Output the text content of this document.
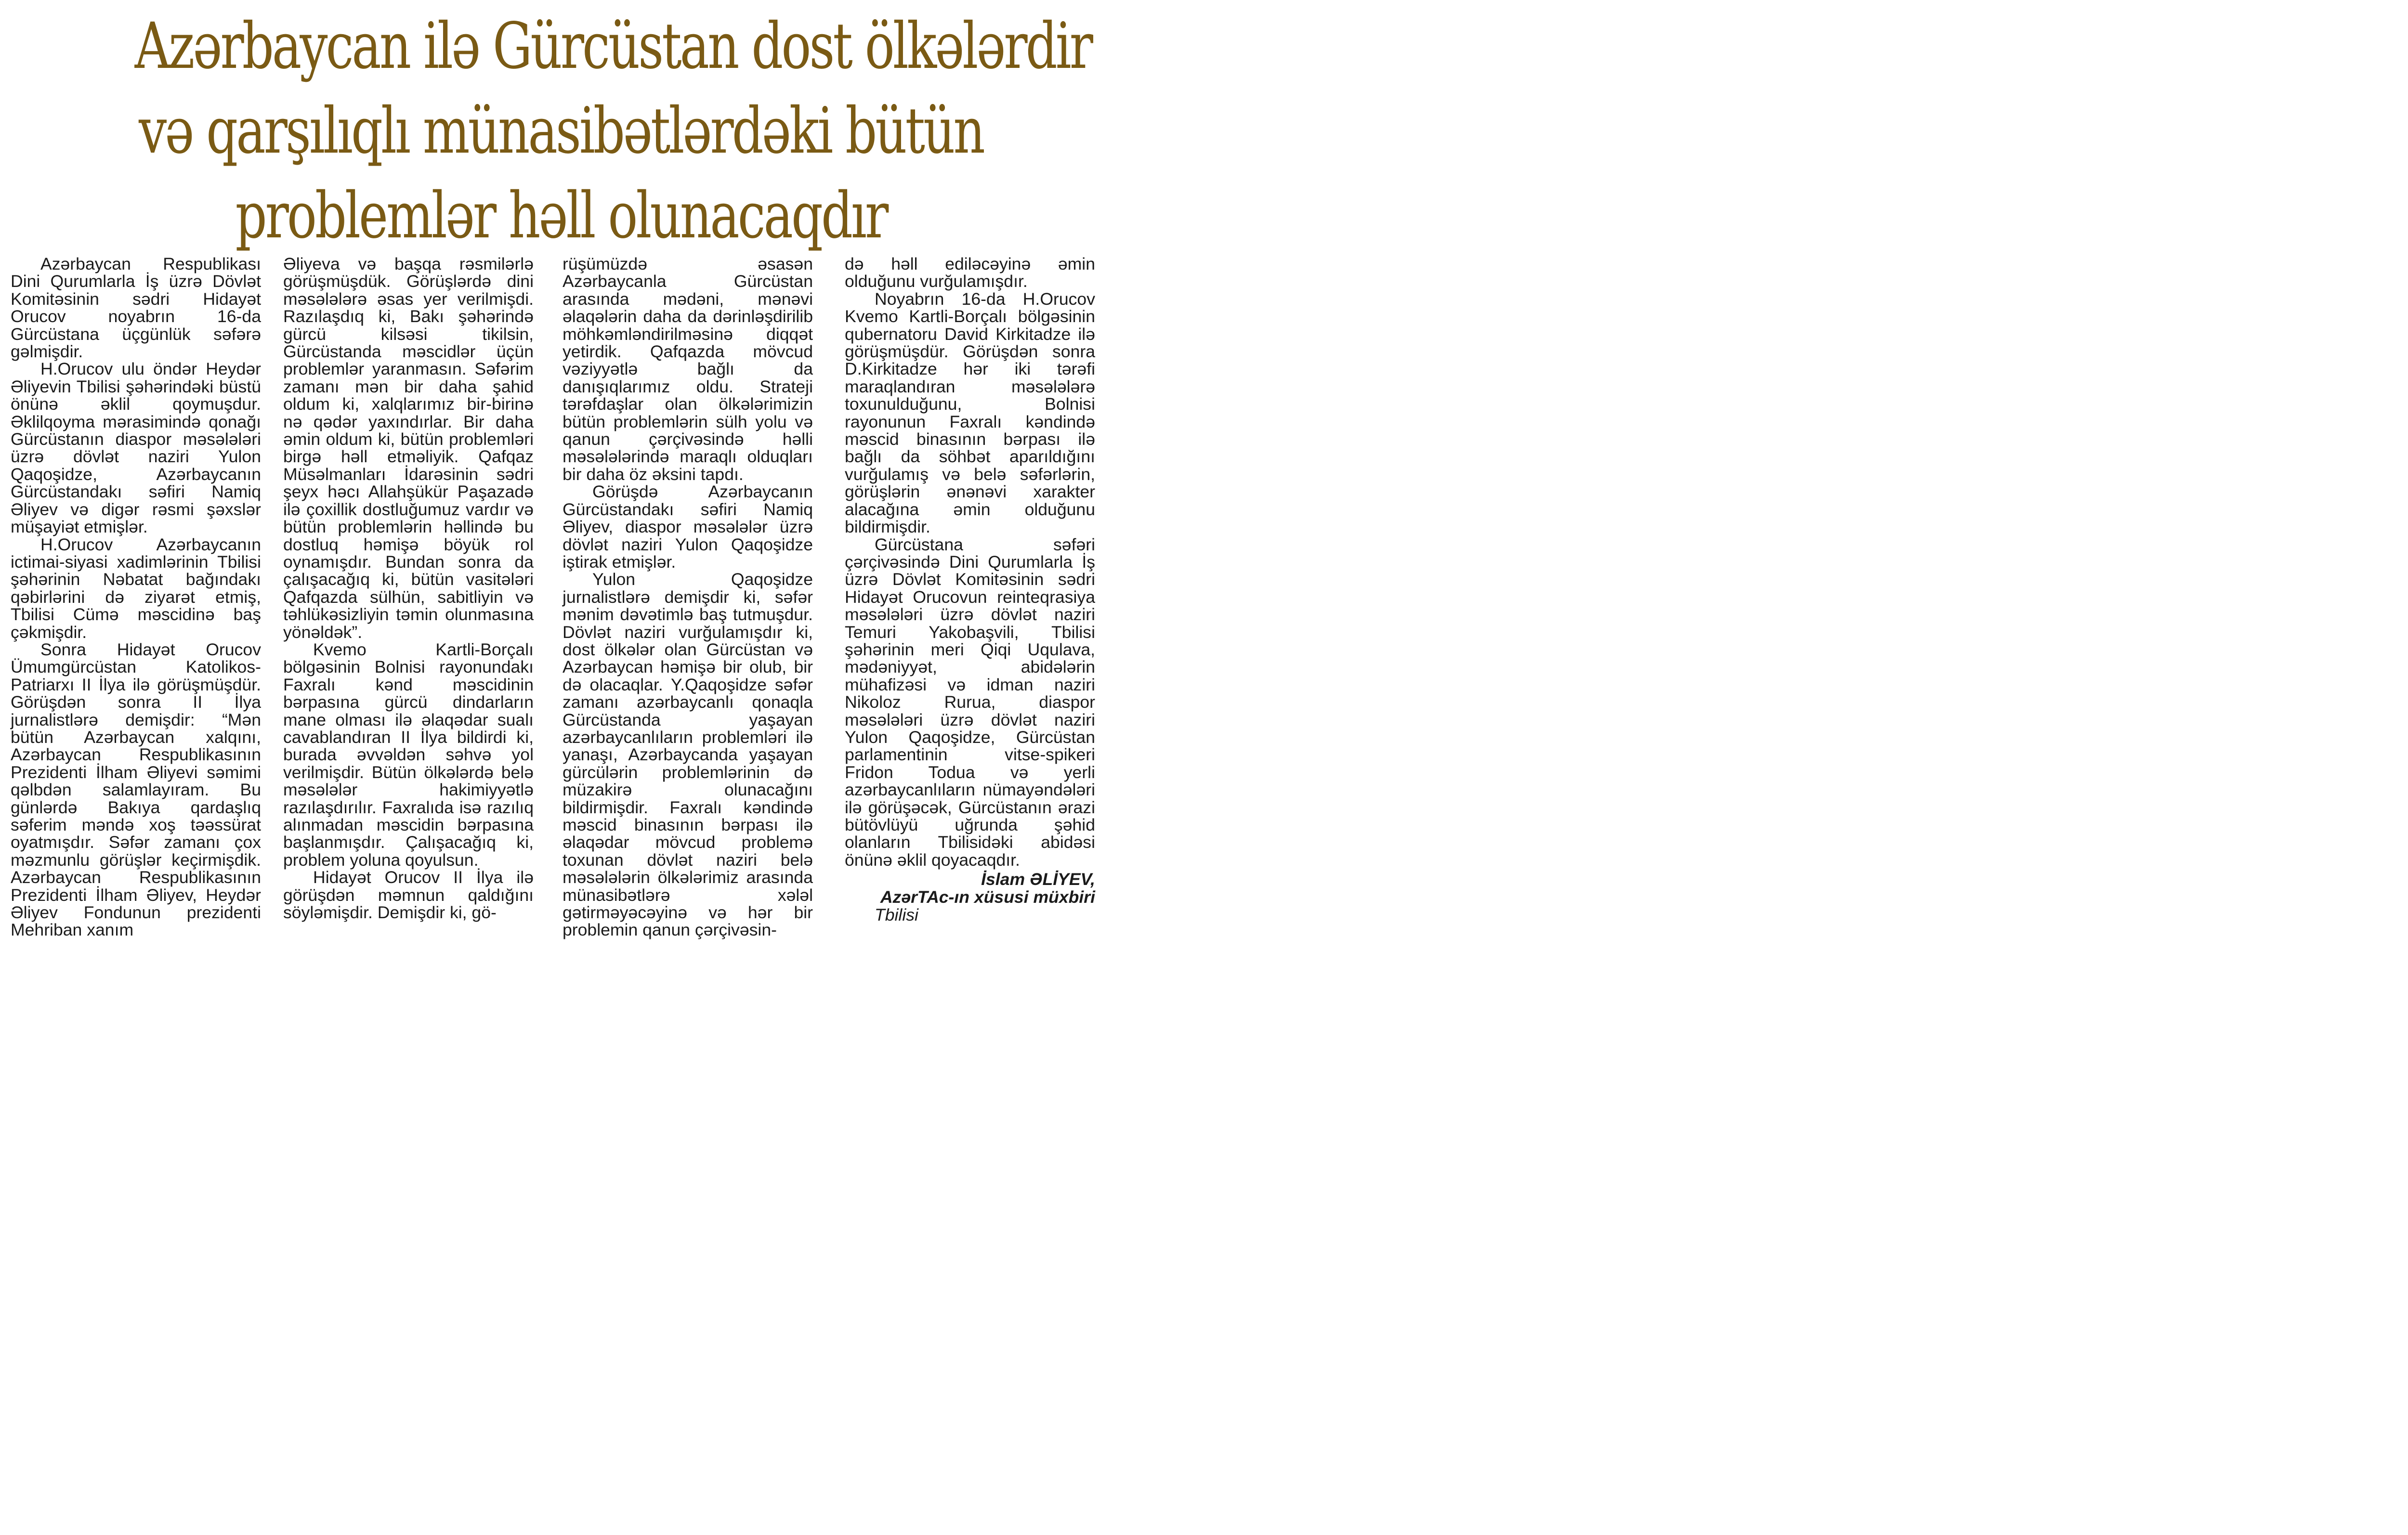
Azərbaycan ilə Gürcüstan dost ölkələrdir
və qarşılıqlı münasibətlərdəki bütün
problemlər həll olunacaqdır

Azərbaycan Respublikası Dini Qurumlarla İş üzrə Dövlət Komitəsinin sədri Hidayət Orucov noyabrın 16-da Gürcüstana üçgünlük səfərə gəlmişdir.

H.Orucov ulu öndər Heydər Əliyevin Tbilisi şəhərindəki büstü önünə əklil qoymuşdur. Əklilqoyma mərasimində qonağı Gürcüstanın diaspor məsələləri üzrə dövlət naziri Yulon Qaqoşidze, Azərbaycanın Gürcüstandakı səfiri Namiq Əliyev və digər rəsmi şəxslər müşayiət etmişlər.

H.Orucov Azərbaycanın ictimai-siyasi xadimlərinin Tbilisi şəhərinin Nəbatat bağındakı qəbirlərini də ziyarət etmiş, Tbilisi Cümə məscidinə baş çəkmişdir.

Sonra Hidayət Orucov Ümumgürcüstan Katolikos-Patriarxı II İlya ilə görüşmüşdür. Görüşdən sonra II İlya jurnalistlərə demişdir: “Mən bütün Azərbaycan xalqını, Azərbaycan Respublikasının Prezidenti İlham Əliyevi səmimi qəlbdən salamlayıram. Bu günlərdə Bakıya qardaşlıq səferim məndə xoş təəssürat oyatmışdır. Səfər zamanı çox məzmunlu görüşlər keçirmişdik. Azərbaycan Respublikasının Prezidenti İlham Əliyev, Heydər Əliyev Fondunun prezidenti Mehriban xanım

Əliyeva və başqa rəsmilərlə görüşmüşdük. Görüşlərdə dini məsələlərə əsas yer verilmişdi. Razılaşdıq ki, Bakı şəhərində gürcü kilsəsi tikilsin, Gürcüstanda məscidlər üçün problemlər yaranmasın. Səfərim zamanı mən bir daha şahid oldum ki, xalqlarımız bir-birinə nə qədər yaxındırlar. Bir daha əmin oldum ki, bütün problemləri birgə həll etməliyik. Qafqaz Müsəlmanları İdarəsinin sədri şeyx həcı Allahşükür Paşazadə ilə çoxillik dostluğumuz vardır və bütün problemlərin həllində bu dostluq həmişə böyük rol oynamışdır. Bundan sonra da çalışacağıq ki, bütün vasitələri Qafqazda sülhün, sabitliyin və təhlükəsizliyin təmin olunmasına yönəldək”.

Kvemo Kartli-Borçalı bölgəsinin Bolnisi rayonundakı Faxralı kənd məscidinin bərpasına gürcü dindarların mane olması ilə əlaqədar sualı cavablandıran II İlya bildirdi ki, burada əvvəldən səhvə yol verilmişdir. Bütün ölkələrdə belə məsələlər hakimiyyətlə razılaşdırılır. Faxralıda isə razılıq alınmadan məscidin bərpasına başlanmışdır. Çalışacağıq ki, problem yoluna qoyulsun.

Hidayət Orucov II İlya ilə görüşdən məmnun qaldığını söyləmişdir. Demişdir ki, gö-

rüşümüzdə əsasən Azərbaycanla Gürcüstan arasında mədəni, mənəvi əlaqələrin daha da dərinləşdirilib möhkəmləndirilməsinə diqqət yetirdik. Qafqazda mövcud vəziyyətlə bağlı da danışıqlarımız oldu. Strateji tərəfdaşlar olan ölkələrimizin bütün problemlərin sülh yolu və qanun çərçivəsində həlli məsələlərində maraqlı olduqları bir daha öz əksini tapdı.

Görüşdə Azərbaycanın Gürcüstandakı səfiri Namiq Əliyev, diaspor məsələlər üzrə dövlət naziri Yulon Qaqoşidze iştirak etmişlər.

Yulon Qaqoşidze jurnalistlərə demişdir ki, səfər mənim dəvətimlə baş tutmuşdur. Dövlət naziri vurğulamışdır ki, dost ölkələr olan Gürcüstan və Azərbaycan həmişə bir olub, bir də olacaqlar. Y.Qaqoşidze səfər zamanı azərbaycanlı qonaqla Gürcüstanda yaşayan azərbaycanlıların problemləri ilə yanaşı, Azərbaycanda yaşayan gürcülərin problemlərinin də müzakirə olunacağını bildirmişdir. Faxralı kəndində məscid binasının bərpası ilə əlaqədar mövcud problemə toxunan dövlət naziri belə məsələlərin ölkələrimiz arasında münasibətlərə xələl gətirməyəcəyinə və hər bir problemin qanun çərçivəsin-

də həll ediləcəyinə əmin olduğunu vurğulamışdır.

Noyabrın 16-da H.Orucov Kvemo Kartli-Borçalı bölgəsinin qubernatoru David Kirkitadze ilə görüşmüşdür. Görüşdən sonra D.Kirkitadze hər iki tərəfi maraqlandıran məsələlərə toxunulduğunu, Bolnisi rayonunun Faxralı kəndində məscid binasının bərpası ilə bağlı da söhbət aparıldığını vurğulamış və belə səfərlərin, görüşlərin ənənəvi xarakter alacağına əmin olduğunu bildirmişdir.

Gürcüstana səfəri çərçivəsində Dini Qurumlarla İş üzrə Dövlət Komitəsinin sədri Hidayət Orucovun reinteqrasiya məsələləri üzrə dövlət naziri Temuri Yakobaşvili, Tbilisi şəhərinin meri Qiqi Uqulava, mədəniyyət, abidələrin mühafizəsi və idman naziri Nikoloz Rurua, diaspor məsələləri üzrə dövlət naziri Yulon Qaqoşidze, Gürcüstan parlamentinin vitse-spikeri Fridon Todua və yerli azərbaycanlıların nümayəndələri ilə görüşəcək, Gürcüstanın ərazi bütövlüyü uğrunda şəhid olanların Tbilisidəki abidəsi önünə əklil qoyacaqdır.

İslam ƏLİYEV,
AzərTAc-ın xüsusi müxbiri

Tbilisi
